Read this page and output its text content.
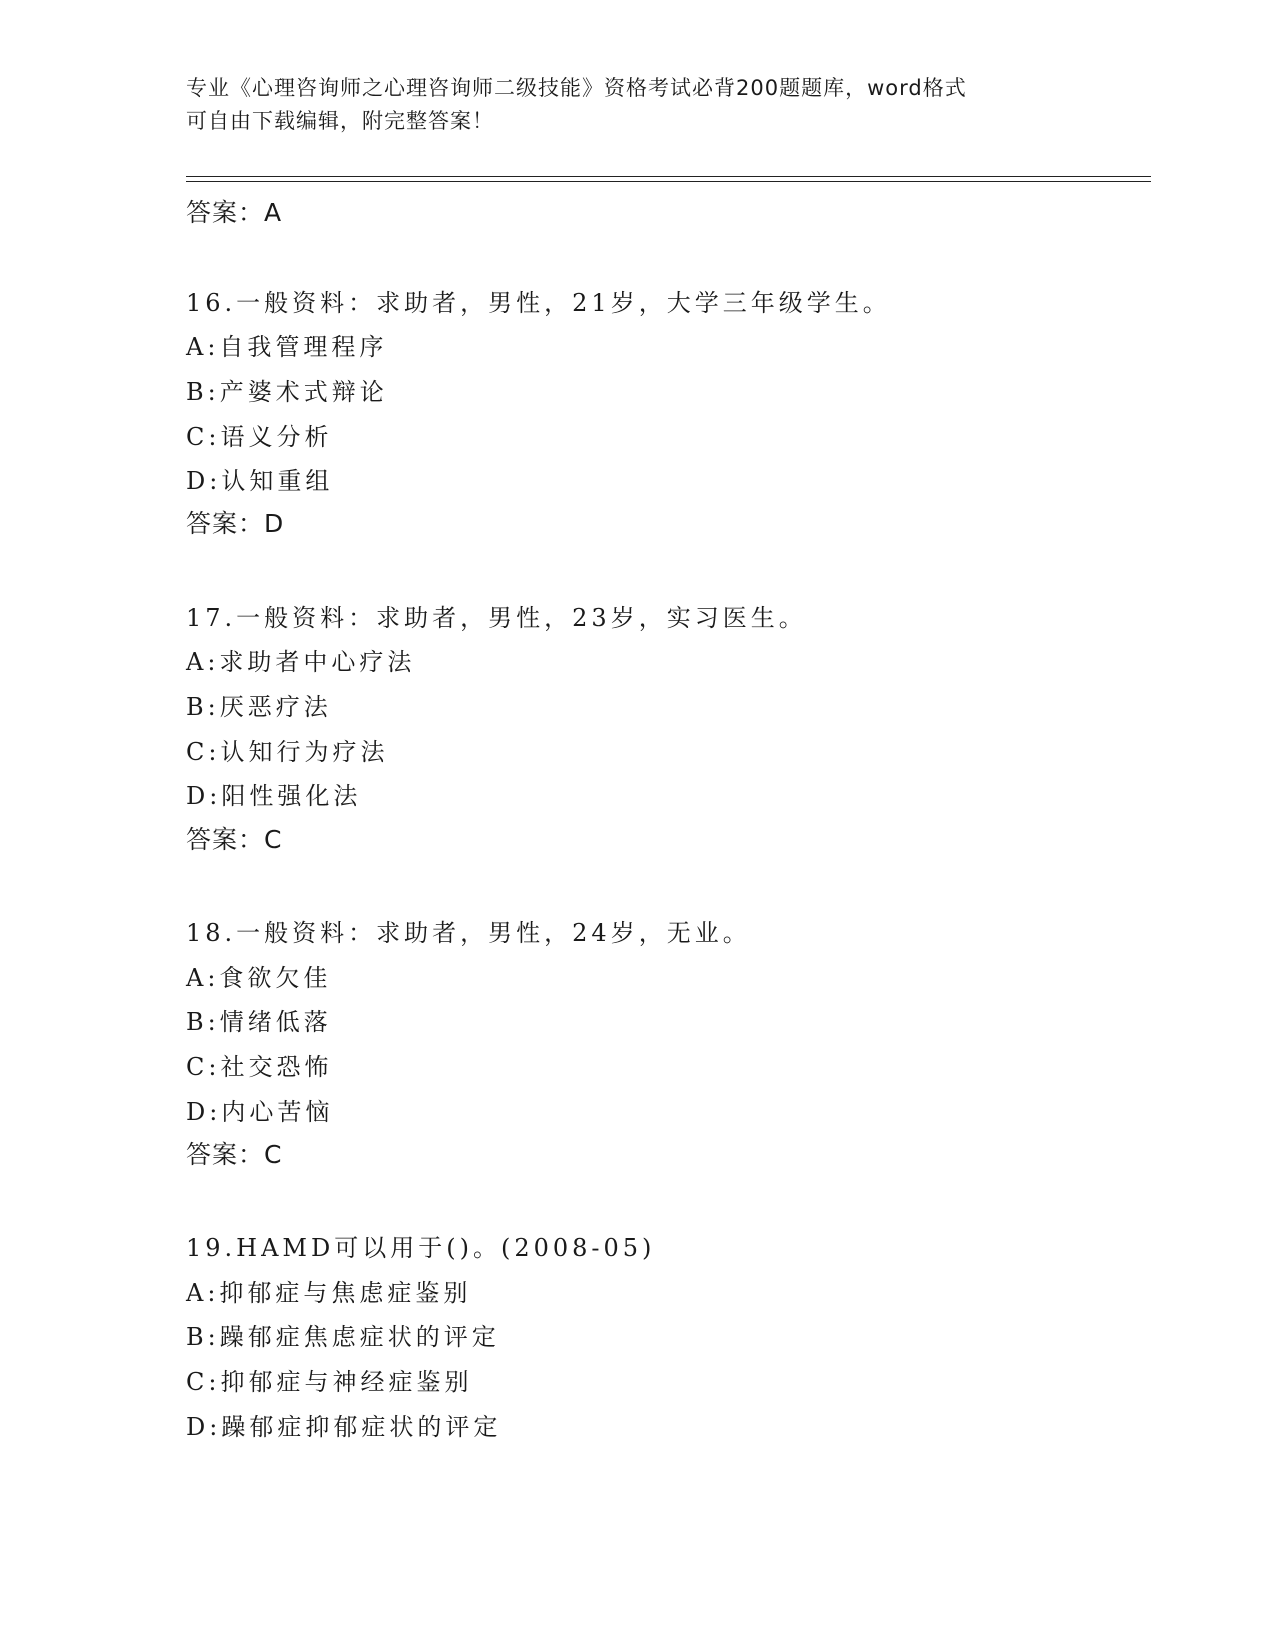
专业《心理咨询师之心理咨询师二级技能》资格考试必背200题题库，word格式
可自由下载编辑，附完整答案！
答案：A
16.一般资料：求助者，男性，21岁，大学三年级学生。
A:自我管理程序
B:产婆术式辩论
C:语义分析
D:认知重组
答案：D
17.一般资料：求助者，男性，23岁，实习医生。
A:求助者中心疗法
B:厌恶疗法
C:认知行为疗法
D:阳性强化法
答案：C
18.一般资料：求助者，男性，24岁，无业。
A:食欲欠佳
B:情绪低落
C:社交恐怖
D:内心苦恼
答案：C
19.HAMD可以用于()。(2008-05)
A:抑郁症与焦虑症鉴别
B:躁郁症焦虑症状的评定
C:抑郁症与神经症鉴别
D:躁郁症抑郁症状的评定
